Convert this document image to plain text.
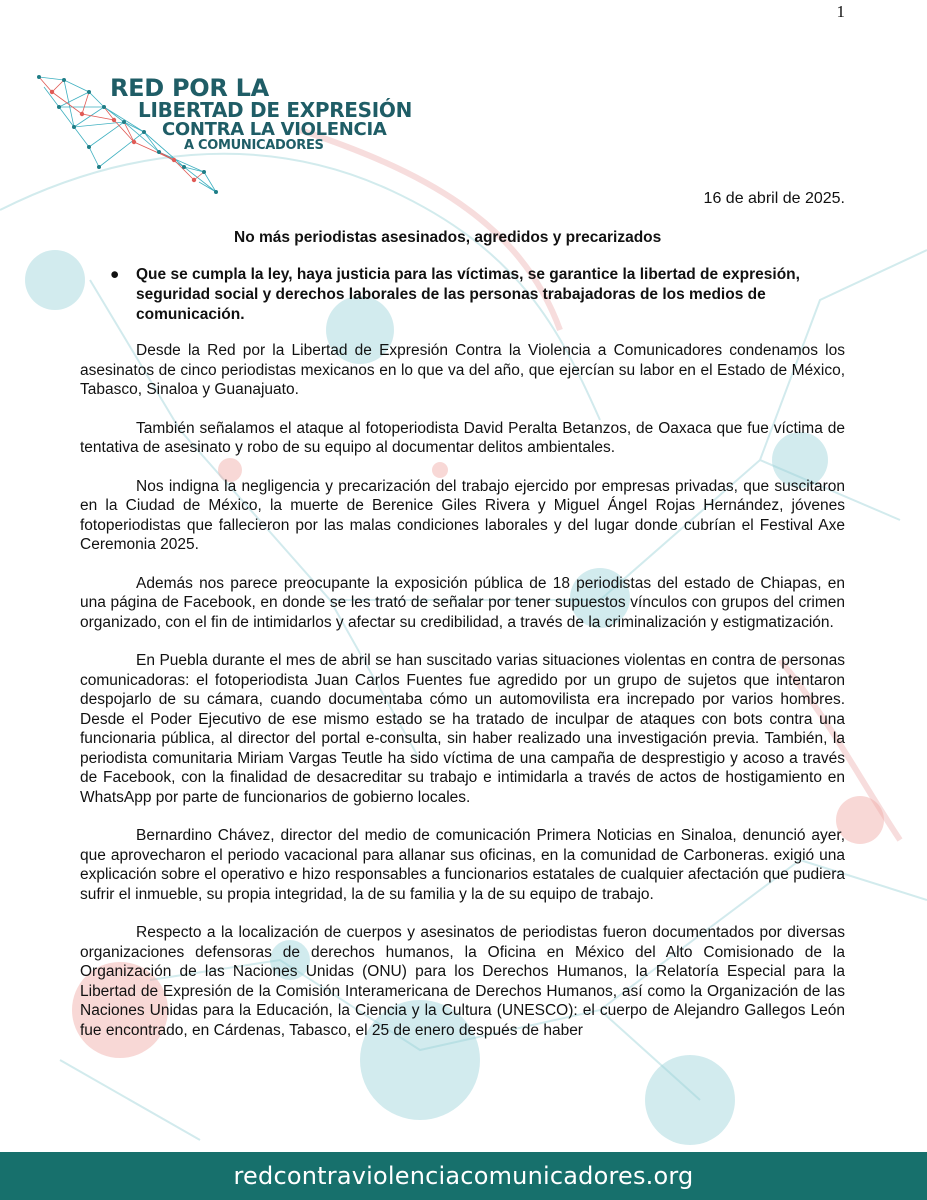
1
RED POR LA
LIBERTAD DE EXPRESIÓN
CONTRA LA VIOLENCIA
A COMUNICADORES
16 de abril de 2025.
No más periodistas asesinados, agredidos y precarizados
● Que se cumpla la ley, haya justicia para las víctimas, se garantice la libertad de expresión, seguridad social y derechos laborales de las personas trabajadoras de los medios de comunicación.

Desde la Red por la Libertad de Expresión Contra la Violencia a Comunicadores condenamos los asesinatos de cinco periodistas mexicanos en lo que va del año, que ejercían su labor en el Estado de México, Tabasco, Sinaloa y Guanajuato.

También señalamos el ataque al fotoperiodista David Peralta Betanzos, de Oaxaca que fue víctima de tentativa de asesinato y robo de su equipo al documentar delitos ambientales.

Nos indigna la negligencia y precarización del trabajo ejercido por empresas privadas, que suscitaron en la Ciudad de México, la muerte de Berenice Giles Rivera y Miguel Ángel Rojas Hernández, jóvenes fotoperiodistas que fallecieron por las malas condiciones laborales y del lugar donde cubrían el Festival Axe Ceremonia 2025.

Además nos parece preocupante la exposición pública de 18 periodistas del estado de Chiapas, en una página de Facebook, en donde se les trató de señalar por tener supuestos vínculos con grupos del crimen organizado, con el fin de intimidarlos y afectar su credibilidad, a través de la criminalización y estigmatización.

En Puebla durante el mes de abril se han suscitado varias situaciones violentas en contra de personas comunicadoras: el fotoperiodista Juan Carlos Fuentes fue agredido por un grupo de sujetos que intentaron despojarlo de su cámara, cuando documentaba cómo un automovilista era increpado por varios hombres. Desde el Poder Ejecutivo de ese mismo estado se ha tratado de inculpar de ataques con bots contra una funcionaria pública, al director del portal e-consulta, sin haber realizado una investigación previa. También, la periodista comunitaria Miriam Vargas Teutle ha sido víctima de una campaña de desprestigio y acoso a través de Facebook, con la finalidad de desacreditar su trabajo e intimidarla a través de actos de hostigamiento en WhatsApp por parte de funcionarios de gobierno locales.

Bernardino Chávez, director del medio de comunicación Primera Noticias en Sinaloa, denunció ayer, que aprovecharon el periodo vacacional para allanar sus oficinas, en la comunidad de Carboneras. exigió una explicación sobre el operativo e hizo responsables a funcionarios estatales de cualquier afectación que pudiera sufrir el inmueble, su propia integridad, la de su familia y la de su equipo de trabajo.

Respecto a la localización de cuerpos y asesinatos de periodistas fueron documentados por diversas organizaciones defensoras de derechos humanos, la Oficina en México del Alto Comisionado de la Organización de las Naciones Unidas (ONU) para los Derechos Humanos, la Relatoría Especial para la Libertad de Expresión de la Comisión Interamericana de Derechos Humanos, así como la Organización de las Naciones Unidas para la Educación, la Ciencia y la Cultura (UNESCO): el cuerpo de Alejandro Gallegos León fue encontrado, en Cárdenas, Tabasco, el 25 de enero después de haber

redcontraviolenciacomunicadores.org
